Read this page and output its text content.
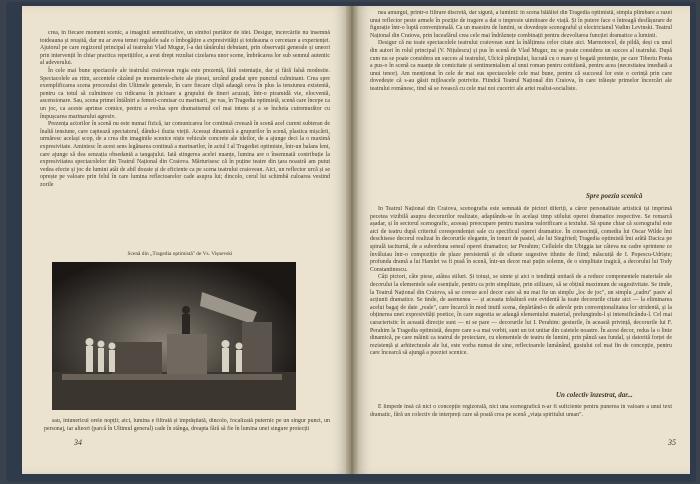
crea, în fiecare moment scenic, a imaginii semnificative, un simbol purtător de idei. Desigur, încercările nu însemnă totdeauna și reușită, dar nu ar avea temei regalele sale o îmbogățire a expresivității și totdeauna o cercetare a experienței. Ajutorul pe care regizorul principal al teatrului Vlad Mugur, l-a dat tânărului debutant, prin observații generale și uneori prin intervenții în chiar practica repetițiilor, a avut drept rezultat cizelarea unor scene, îmbrăcarea lor sub semnul autentic al adeverului.

În cele mai bune spectacole ale teatrului craiovean regia este prezentă, fără ostentație, dar și fără falsă modestie. Spectacolele au ritm, accentele căzând pe momentele-cheie ale piesei, urcând gradat spre punctul culminant. Crea spre exemplificarea scena procesului din Ultimele generale, în care fiecare clipă adaugă ceva în plus la tensiunea existentă, pentru ca totul să culmineze cu ridicarea în picioare a grupului de tineri acuzați, într-o piramidă vie, elocventă, ascensionare. Sau, scena primei întâlniri a femeii-comisar cu marinarii, pe vas, în Tragedia optimistă, scenă care începe ca un joc, ca aceste aprinse comice, pentru a evolua spre dramatismul cel mai intens și a se încheia cutremurător cu împușcarea marinarului agresiv.

Prezența actorilor în scenă nu este numai fizică, iar comunicarea lor continuă creează în scenă acel curent subteran de înaltă tensiune, care captează spectatorul, dându-i iluzia vieții. Aceeași dinamică a grupurilor în scenă, plastica mișcării, urmăresc același scop, de a crea din imaginile scenice niște vehicule concrete ale ideilor, de a ajunge deci la o maximă expresivitate. Amintesc în acest sens legănarea continuă a marinarilor, în actul I al Tragediei optimiste, într-un balans lent, care ajunge să dea senzația obsedantă a tangajului. Iată stingerea acelei nuanțe, lumina are o însemnată contribuție la expresivitatea spectacolelor din Teatrul Național din Craiova. Mărturisesc că în puține teatre din țara noastră am putut vedea efecte și joc de lumini atât de abil dozate și de eficiente ca pe scena teatrului craiovean. Aici, un reflector urcă și se oprește pe valoare prin felul în care lumina reflectoarelor cade asupra lui; dincolo, cerul lui schimbă culoarea vestind zorile

Scenă din „Tragedia optimistă" de Vs. Vișnevski

sau, întunericul orele nopții; aici, lumina e filtrată și împrăștiată, dincolo, focalizată puternic pe un singur punct, un personaj, iar alteori (parcă în Ultimul general) cade în stânga, dreapta fără să fie în lumina unei singure proiecții

34

nea amurgul, printr-o filtrare discretă, dar sigură, a luminii: în scena bătăliei din Tragedia optimistă, simpla plimbare a razei unui reflector peste armele în poziție de tragere a dat o impresie uimitoare de viață. Și în putere face o întreagă desfășurare de figurație într-o luptă convențională. Ca un maestru de lumini, se dovedește scenograful și electricianul Vadim Levinski. Teatrul Național din Craiova, prin luceafărul crea cele mai îndrăznețe combinații pentru dezvoltarea funcției dramatice a luminii.

Desigur că nu toate spectacolele teatrului craiovean sunt la înălțimea celor citate aici. Marmotocel, de pildă, deși cu unul din autori în rolul principal (V. Nițulescu) și pus în scenă de Vlad Mugur, nu se poate considera un succes al teatrului. După cum nu se poate considera un succes al teatrului, Ulcică păruțiului, lucrată cu o mare și bogată pretenție, pe care Tiberiu Ponta a pus-o în scenă ca nuanțe de comicitate și sentimentalism al unui roman pentru cotidiană, pentru acea (necesitatea imediată a unui tenor). Am menționat în cele de mai sus spectacolele cele mai bune, pentru că succesul lor este o cerință prin care dovedește că s-au găsit mijloacele potrivite. Fiindcă Teatrul Național din Craiova, în care trăiește primelor încercări ale teatrului românesc, tind să se ivească cu cele mai noi cuceriri ale artei realist-socialiste.

Spre poezia scenică

În Teatrul Național din Craiova, scenografia este semnată de pictori diferiți, a căror personalitate artistică își imprimă pecetea vizibilă asupra decorurilor realizate, adaptându-se în același timp stilului operei dramatice respective. Se remarcă așadar, și în sectorul scenografic, aceeași preocupare pentru maxima valorificare a textului. Să spune chiar că scenograful este aici de teatru după criteriul corespondenței sale cu specificul operei dramatice. În consecință, comedia lui Oscar Wilde îmi deschisese decorul realizat în decorurile elegante, în tonuri de pastel, ale lui Siegfried; Tragedia optimistă îmi arătă Dacica pe spirală taciturnă, de a subordona sensul operei dramatice; iar Perahim; Cellulele din Ubiggia iar câteva nu cadre sprintene ce învăluiau într-o compoziție de plaze persistentă și de siluete sugestive tihnite de fiind; măscuiță de I. Popescu-Udriște; profunda dramă a lui Hamlet va fi pusă în scenă, într-un decor mai puțin solemn, de o simplitate tragică, a decorului lui Tody Constantinescu.

Câți pictori, câte piese, atâtea stiluri. Și totuși, se simte și aici o tendință unitară de a reduce componentele materiale ale decorului la elementele sale esențiale, pentru ca prin simplitate, prin stilizare, să se obțină maximum de sugestivitate. Se tinde, la Teatrul Național din Craiova, să se creeze acel decor care să nu mai fie un simplu „loc de joc", un simplu „cadru" pasiv al acțiunii dramatice. Se tinde, de asemenea — și aceasta trăsătură este evidentă la toate decorurile citate aici — la eliminarea acelui bagaj de date „reale", care încarcă în mod inutil scena, depărtând-o de adevăr prin convenționalitatea lor stridentă, și la obținerea unei expresivități poetice, în care sugestia se adaugă elementului material, prelungindu-l și intensificându-l. Cel mai caracteristic în această direcție sunt — ni se pare — decorurile lui I. Perahim: gesturile, în această privință, decorurile lui F. Perahim la Tragedia optimistă, despre care s-a mai vorbit, sunt un tot unitar din caietele noastre. În acest decor, redus la o linie dinamică, pe care mâinii ca teatrul de proiectare, cu elementele de teatru de lumini, prin pânză sau fundal, și datorită forței de rezistență și arhitecturale ale lui, este vorba numai de sine, reflectoarele lumânând, gustului cel mai fin de concepție, pentru care încearcă să ajungă a poeziei scenice.

Un colectiv înzestrat, dar...

E limpede însă că nici o concepție regizorală, nici una scenografică n-ar fi suficiente pentru punerea în valoare a unui text dramatic, fără un colectiv de interpreți care să poată crea pe scenă „viața spiritului uman".

35
